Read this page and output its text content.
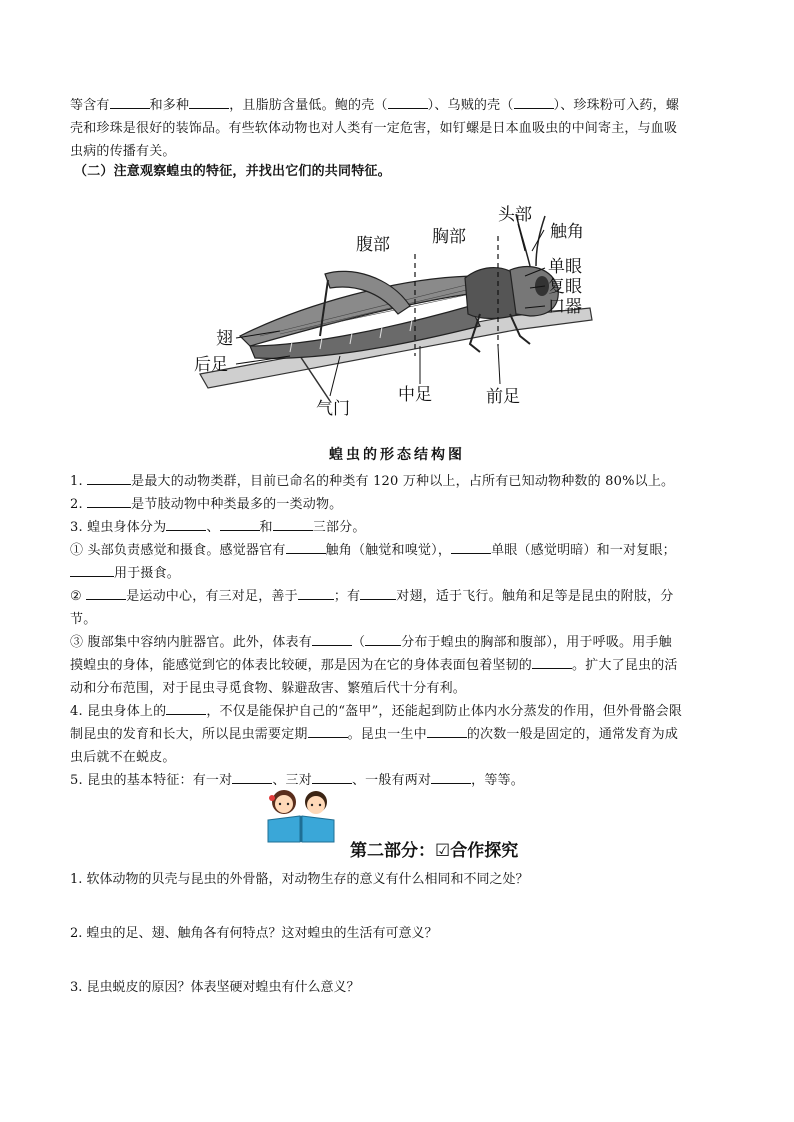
等含有	和多种	，且脂肪含量低。鲍的壳（	）、乌贼的壳（	）、珍珠粉可入药，螺
壳和珍珠是很好的装饰品。有些软体动物也对人类有一定危害，如钉螺是日本血吸虫的中间寄主，与血吸
虫病的传播有关。
（二）注意观察蝗虫的特征，并找出它们的共同特征。
头部
触角
腹部 胸部
单眼
复眼
口器
翅
后足
气门
中足	前足
蝗虫的形态结构图
1.	是最大的动物类群，目前已命名的种类有 120 万种以上，占所有已知动物种数的 80%以上。
2.	是节肢动物中种类最多的一类动物。
3. 蝗虫身体分为	、	和	三部分。
① 头部负责感觉和摄食。感觉器官有	触角（触觉和嗅觉），	单眼（感觉明暗）和一对复眼；
用于摄食。
②	是运动中心，有三对足，善于	；有	对翅，适于飞行。触角和足等是昆虫的附肢，分
节。
③ 腹部集中容纳内脏器官。此外，体表有	（	分布于蝗虫的胸部和腹部），用于呼吸。用手触
摸蝗虫的身体，能感觉到它的体表比较硬，那是因为在它的身体表面包着坚韧的	。扩大了昆虫的活
动和分布范围，对于昆虫寻觅食物、躲避敌害、繁殖后代十分有利。
4. 昆虫身体上的	，不仅是能保护自己的“盔甲”，还能起到防止体内水分蒸发的作用，但外骨骼会限
制昆虫的发育和长大，所以昆虫需要定期	。昆虫一生中	的次数一般是固定的，通常发育为成
虫后就不在蜕皮。
5. 昆虫的基本特征：有一对	、三对	、一般有两对	，等等。
第二部分：☑合作探究
1. 软体动物的贝壳与昆虫的外骨骼，对动物生存的意义有什么相同和不同之处？
2. 蝗虫的足、翅、触角各有何特点？这对蝗虫的生活有可意义？
3. 昆虫蜕皮的原因？体表坚硬对蝗虫有什么意义？
